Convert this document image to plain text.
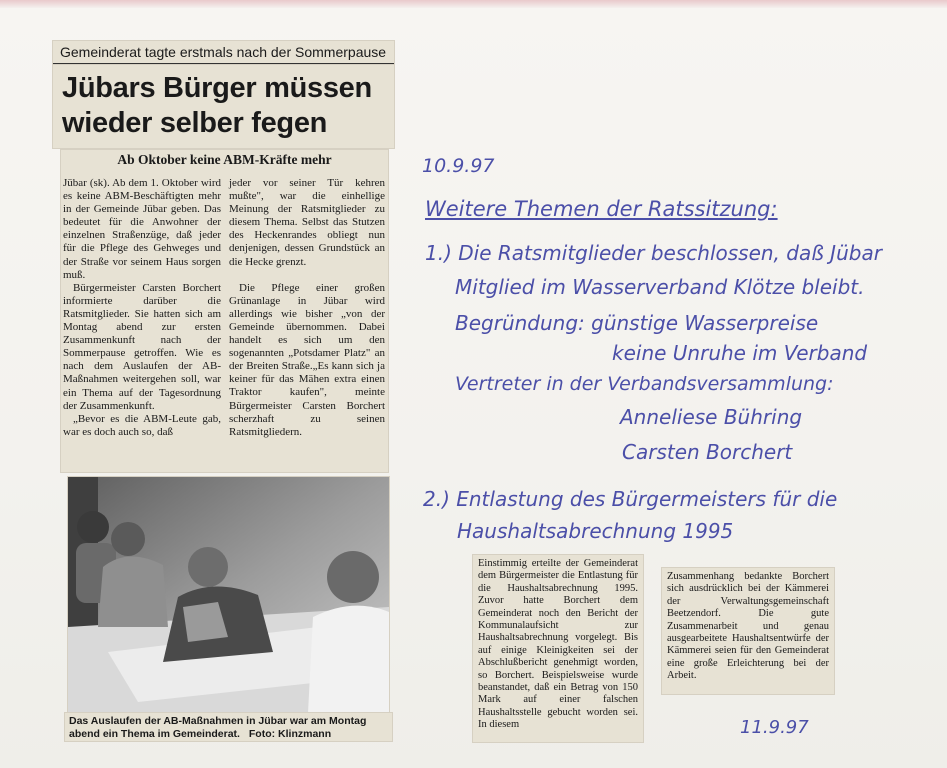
Gemeinderat tagte erstmals nach der Sommerpause
Jübars Bürger müssen
wieder selber fegen
Ab Oktober keine ABM-Kräfte mehr

Jübar (sk). Ab dem 1. Oktober wird es keine ABM-Beschäftigten mehr in der Gemeinde Jübar geben. Das bedeutet für die Anwohner der einzelnen Straßenzüge, daß jeder für die Pflege des Gehweges und der Straße vor seinem Haus sorgen muß.

Bürgermeister Carsten Borchert informierte darüber die Ratsmitglieder. Sie hatten sich am Montag abend zur ersten Zusammenkunft nach der Sommerpause getroffen. Wie es nach dem Auslaufen der AB-Maßnahmen weitergehen soll, war ein Thema auf der Tagesordnung der Zusammenkunft.

„Bevor es die ABM-Leute gab, war es doch auch so, daß

jeder vor seiner Tür kehren mußte", war die einhellige Meinung der Ratsmitglieder zu diesem Thema. Selbst das Stutzen des Heckenrandes obliegt nun denjenigen, dessen Grundstück an die Hecke grenzt.

Die Pflege einer großen Grünanlage in Jübar wird allerdings wie bisher „von der Gemeinde übernommen. Dabei handelt es sich um den sogenannten „Potsdamer Platz" an der Breiten Straße.„Es kann sich ja keiner für das Mähen extra einen Traktor kaufen", meinte Bürgermeister Carsten Borchert scherzhaft zu seinen Ratsmitgliedern.

Das Auslaufen der AB-Maßnahmen in Jübar war am Montag abend ein Thema im Gemeinderat. Foto: Klinzmann
10.9.97
Weitere Themen der Ratssitzung:
1.) Die Ratsmitglieder beschlossen, daß Jübar
Mitglied im Wasserverband Klötze bleibt.
Begründung: günstige Wasserpreise
keine Unruhe im Verband
Vertreter in der Verbandsversammlung:
Anneliese Bühring
Carsten Borchert
2.) Entlastung des Bürgermeisters für die
Haushaltsabrechnung 1995
11.9.97

Einstimmig erteilte der Gemeinderat dem Bürgermeister die Entlastung für die Haushaltsabrechnung 1995. Zuvor hatte Borchert dem Gemeinderat noch den Bericht der Kommunalaufsicht zur Haushaltsabrechnung vorgelegt. Bis auf einige Kleinigkeiten sei der Abschlußbericht genehmigt worden, so Borchert. Beispielsweise wurde beanstandet, daß ein Betrag von 150 Mark auf einer falschen Haushaltsstelle gebucht worden sei. In diesem

Zusammenhang bedankte Borchert sich ausdrücklich bei der Kämmerei der Verwaltungsgemeinschaft Beetzendorf. Die gute Zusammenarbeit und genau ausgearbeitete Haushaltsentwürfe der Kämmerei seien für den Gemeinderat eine große Erleichterung bei der Arbeit.
